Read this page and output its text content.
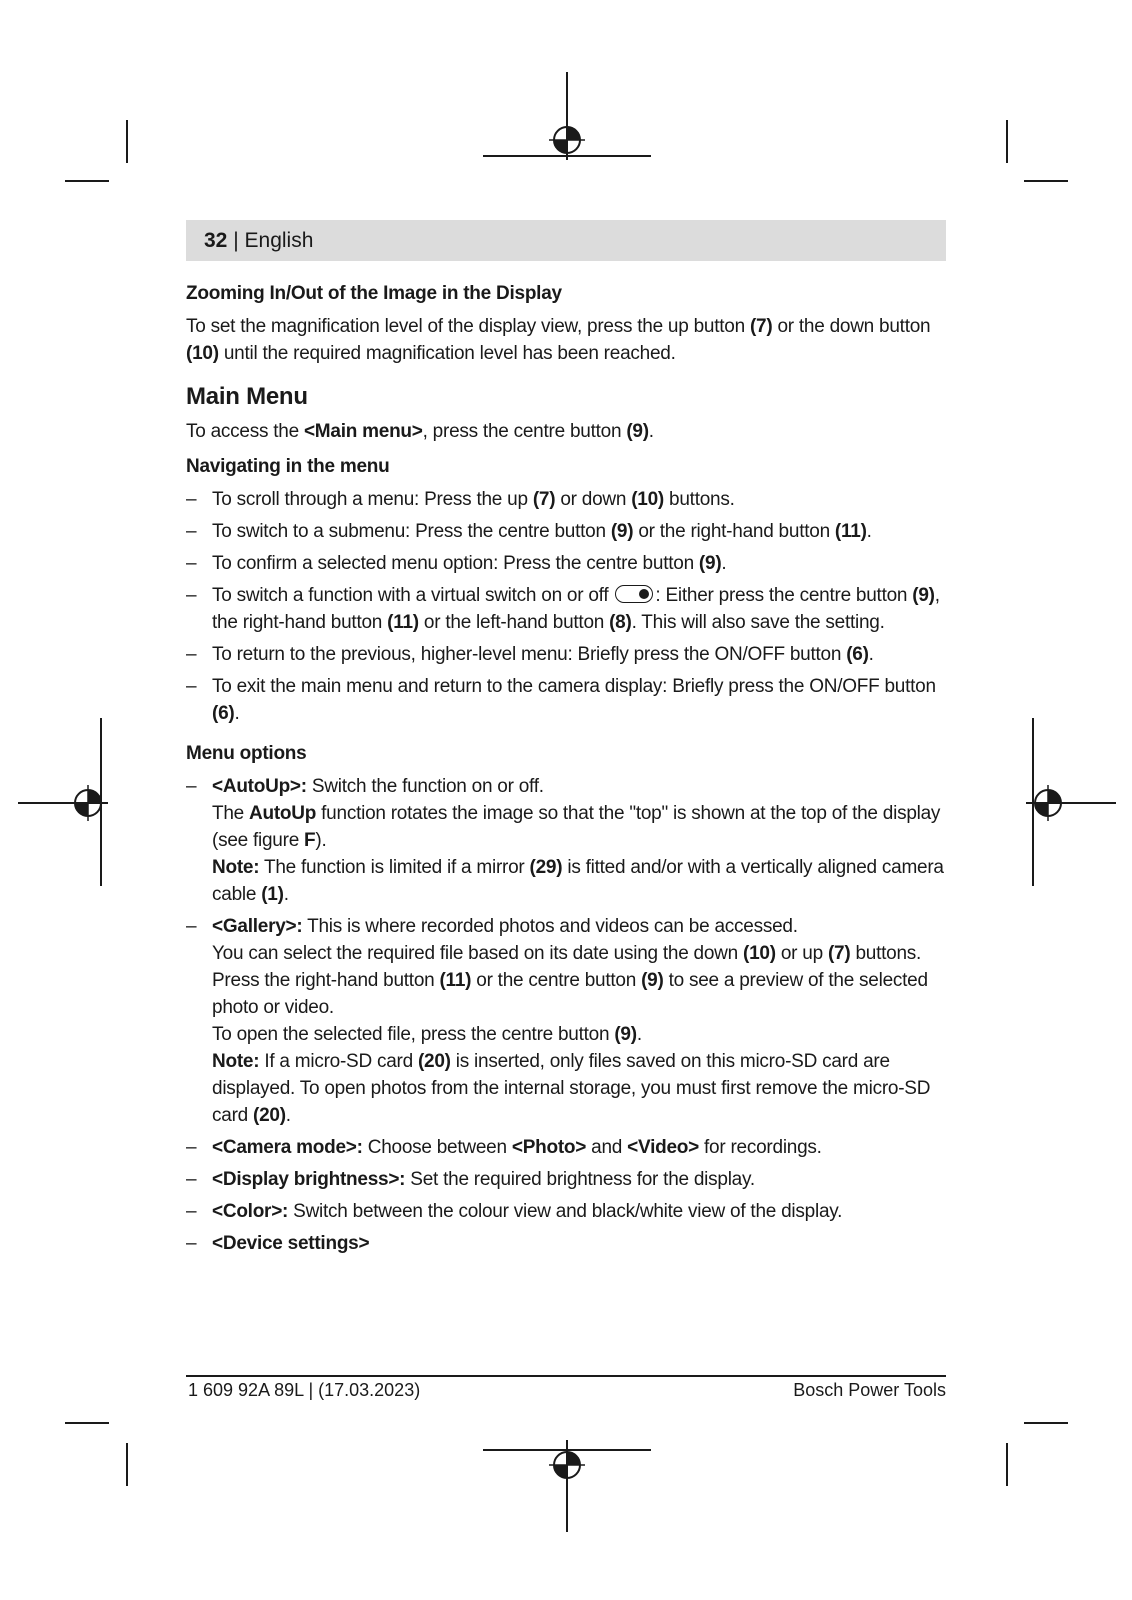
32 | English
Zooming In/Out of the Image in the Display

To set the magnification level of the display view, press the up button (7) or the down button (10) until the required magnification level has been reached.

Main Menu

To access the <Main menu>, press the centre button (9).

Navigating in the menu
– To scroll through a menu: Press the up (7) or down (10) buttons.
– To switch to a submenu: Press the centre button (9) or the right-hand button (11).
– To confirm a selected menu option: Press the centre button (9).
– To switch a function with a virtual switch on or off : Either press the centre button (9), the right-hand button (11) or the left-hand button (8). This will also save the setting.
– To return to the previous, higher-level menu: Briefly press the ON/OFF button (6).
– To exit the main menu and return to the camera display: Briefly press the ON/OFF button (6).
Menu options
– <AutoUp>: Switch the function on or off.
The AutoUp function rotates the image so that the "top" is shown at the top of the display (see figure F).
Note: The function is limited if a mirror (29) is fitted and/or with a vertically aligned camera cable (1).
– <Gallery>: This is where recorded photos and videos can be accessed.
You can select the required file based on its date using the down (10) or up (7) buttons.
Press the right-hand button (11) or the centre button (9) to see a preview of the selected photo or video.
To open the selected file, press the centre button (9).
Note: If a micro-SD card (20) is inserted, only files saved on this micro-SD card are displayed. To open photos from the internal storage, you must first remove the micro-SD card (20).
– <Camera mode>: Choose between <Photo> and <Video> for recordings.
– <Display brightness>: Set the required brightness for the display.
– <Color>: Switch between the colour view and black/white view of the display.
– <Device settings>
1 609 92A 89L | (17.03.2023)	Bosch Power Tools
